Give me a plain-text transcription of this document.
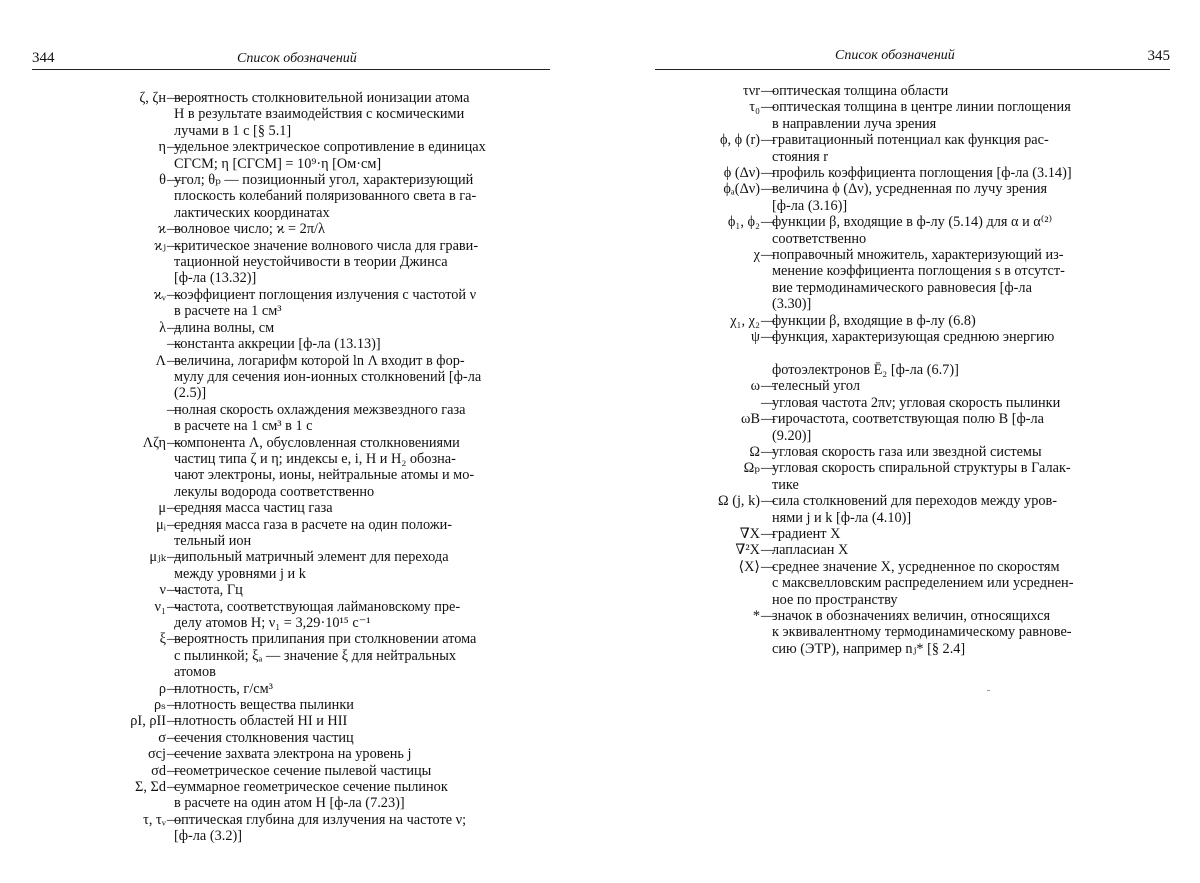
344	Список обозначений
ζ, ζн — вероятность столкновительной ионизации атома
Н в результате взаимодействия с космическими
лучами в 1 с [§ 5.1]
η — удельное электрическое сопротивление в единицах
СГСМ; η [СГСМ] = 10⁹·η [Ом·см]
θ — угол; θₚ — позиционный угол, характеризующий
плоскость колебаний поляризованного света в га-
лактических координатах
ϰ — волновое число; ϰ = 2π/λ
ϰⱼ — критическое значение волнового числа для грави-
тационной неустойчивости в теории Джинса
[ф-ла (13.32)]
ϰᵥ — коэффициент поглощения излучения с частотой ν
в расчете на 1 см³
λ — длина волны, см
—
константа аккреции [ф-ла (13.13)]
Λ — величина, логарифм которой ln Λ входит в фор-
мулу для сечения ион-ионных столкновений [ф-ла
(2.5)]
—
полная скорость охлаждения межзвездного газа
в расчете на 1 см³ в 1 с
Λζη — компонента Λ, обусловленная столкновениями
частиц типа ζ и η; индексы e, i, H и H₂ обозна-
чают электроны, ионы, нейтральные атомы и мо-
лекулы водорода соответственно
μ — средняя масса частиц газа
μᵢ — средняя масса газа в расчете на один положи-
тельный ион
μⱼₖ — дипольный матричный элемент для перехода
между уровнями j и k
ν — частота, Гц
ν₁ — частота, соответствующая лаймановскому пре-
делу атомов Н; ν₁ = 3,29·10¹⁵ с⁻¹
ξ — вероятность прилипания при столкновении атома
с пылинкой; ξₐ — значение ξ для нейтральных
атомов
ρ — плотность, г/см³
ρₛ — плотность вещества пылинки
ρI, ρII — плотность областей HI и HII
σ — сечения столкновения частиц
σcj — сечение захвата электрона на уровень j
σd — геометрическое сечение пылевой частицы
Σ, Σd — суммарное геометрическое сечение пылинок
в расчете на один атом Н [ф-ла (7.23)]
τ, τᵥ — оптическая глубина для излучения на частоте ν;
[ф-ла (3.2)]
Список обозначений	345
τνr — оптическая толщина области
τ₀ — оптическая толщина в центре линии поглощения
в направлении луча зрения
ϕ, ϕ (r) — гравитационный потенциал как функция рас-
стояния r
ϕ (Δν) — профиль коэффициента поглощения [ф-ла (3.14)]
ϕₐ(Δν) — величина ϕ (Δν), усредненная по лучу зрения
[ф-ла (3.16)]
ϕ₁, ϕ₂ — функции β, входящие в ф-лу (5.14) для α и α⁽²⁾
соответственно
χ — поправочный множитель, характеризующий из-
менение коэффициента поглощения s в отсутст-
вие термодинамического равновесия [ф-ла
(3.30)]
χ₁, χ₂ — функции β, входящие в ф-лу (6.8)
ψ — функция, характеризующая среднюю энергию

фотоэлектронов Ē₂ [ф-ла (6.7)]
ω — телесный угол
—
угловая частота 2πν; угловая скорость пылинки
ωB — гирочастота, соответствующая полю B [ф-ла
(9.20)]
Ω — угловая скорость газа или звездной системы
Ωₚ — угловая скорость спиральной структуры в Галак-
тике
Ω (j, k) — сила столкновений для переходов между уров-
нями j и k [ф-ла (4.10)]
∇X — градиент X
∇²X — лапласиан X
⟨X⟩ — среднее значение X, усредненное по скоростям
с максвелловским распределением или усреднен-
ное по пространству
* — значок в обозначениях величин, относящихся
к эквивалентному термодинамическому равнове-
сию (ЭТР), например nⱼ* [§ 2.4]
